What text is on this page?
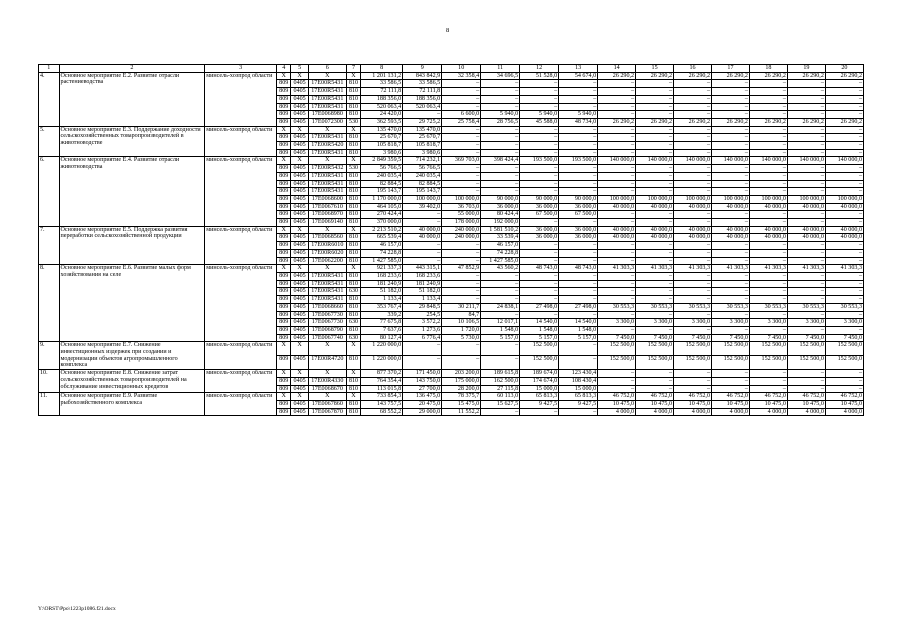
8
1	2	3	4	5	6	7	8	9	10	11	12	13	14	15	16	17	18	19	20
4.	Основное мероприятие Е.2. Развитие отрасли растениеводства	минсель-хозпрод области	X	X	X	X	1 201 131,2	843 842,9	32 358,4	34 696,5	51 528,0	54 674,0	26 290,2	26 290,2	26 290,2	26 290,2	26 290,2	26 290,2	26 290,2
			809	0405	17Е00R5431	810	33 586,5	33 586,5	–	–	–	–	–	–	–	–	–	–	–
			809	0405	17Е00R5431	810	72 111,8	72 111,8	–	–	–	–	–	–	–	–	–	–	–
			809	0405	17Е00R5431	810	188 356,0	188 356,0	–	–	–	–	–	–	–	–	–	–	–
			809	0405	17Е00R5431	810	520 063,4	520 063,4	–	–	–	–	–	–	–	–	–	–	–
			809	0405	17Е0068980	810	24 420,0	–	6 600,0	5 940,0	5 940,0	5 940,0	–	–	–	–	–	–	–
			809	0405	17Е0072300	530	362 593,5	29 725,2	25 758,4	28 756,5	45 588,0	48 734,0	26 290,2	26 290,2	26 290,2	26 290,2	26 290,2	26 290,2	26 290,2
5.	Основное мероприятие Е.3. Поддержание доходности сельскохозяйственных товаропроизводителей в животноводстве	минсель-хозпрод области	X	X	X	X	135 470,0	135 470,0	–	–	–	–	–	–	–	–	–	–	–
			809	0405	17Е00R5431	810	25 670,7	25 670,7	–	–	–	–	–	–	–	–	–	–	–
			809	0405	17Е00R5420	810	105 818,7	105 818,7	–	–	–	–	–	–	–	–	–	–	–
			809	0405	17Е00R5431	810	3 980,6	3 980,6	–	–	–	–	–	–	–	–	–	–	–
6.	Основное мероприятие Е.4. Развитие отрасли животноводства	минсель-хозпрод области	X	X	X	X	2 849 359,5	714 232,1	369 703,0	398 424,4	193 500,0	193 500,0	140 000,0	140 000,0	140 000,0	140 000,0	140 000,0	140 000,0	140 000,0
			809	0405	17Е00R5432	530	56 766,5	56 766,5	–	–	–	–	–	–	–	–	–	–	–
			809	0405	17Е00R5431	810	240 035,4	240 035,4	–	–	–	–	–	–	–	–	–	–	–
			809	0405	17Е00R5431	810	82 884,5	82 884,5	–	–	–	–	–	–	–	–	–	–	–
			809	0405	17Е00R5431	810	195 143,7	195 143,7	–	–	–	–	–	–	–	–	–	–	–
			809	0405	17Е0068600	810	1 170 000,0	100 000,0	100 000,0	90 000,0	90 000,0	90 000,0	100 000,0	100 000,0	100 000,0	100 000,0	100 000,0	100 000,0	100 000,0
			809	0405	17Е0067610	810	464 105,0	39 402,0	36 703,0	36 000,0	36 000,0	36 000,0	40 000,0	40 000,0	40 000,0	40 000,0	40 000,0	40 000,0	40 000,0
			809	0405	17Е0068970	810	270 424,4	–	55 000,0	80 424,4	67 500,0	67 500,0	–	–	–	–	–	–	–
			809	0405	17Е0069140	810	370 000,0	–	178 000,0	192 000,0	–	–	–	–	–	–	–	–	–
7.	Основное мероприятие Е.5. Поддержка развития переработки сельскохозяйственной продукции	минсель-хозпрод области	X	X	X	X	2 213 510,2	40 000,0	240 000,0	1 581 510,2	36 000,0	36 000,0	40 000,0	40 000,0	40 000,0	40 000,0	40 000,0	40 000,0	40 000,0
			809	0405	17Е0068560	810	665 539,4	40 000,0	240 000,0	33 539,4	36 000,0	36 000,0	40 000,0	40 000,0	40 000,0	40 000,0	40 000,0	40 000,0	40 000,0
			809	0405	17Е00R6010	810	46 157,0	–	–	46 157,0	–	–	–	–	–	–	–	–	–
			809	0405	17Е00R6020	810	74 228,8	–	–	74 228,8	–	–	–	–	–	–	–	–	–
			809	0405	17Е0062200	810	1 427 585,0	–	–	1 427 585,0	–	–	–	–	–	–	–	–	–
8.	Основное мероприятие Е.6. Развитие малых форм хозяйствования на селе	минсель-хозпрод области	X	X	X	X	921 337,3	443 315,1	47 852,9	43 560,2	48 743,0	48 743,0	41 303,3	41 303,3	41 303,3	41 303,3	41 303,3	41 303,3	41 303,3
			809	0405	17Е00R5431	810	168 233,6	168 233,6	–	–	–	–	–	–	–	–	–	–	–
			809	0405	17Е00R5431	810	181 240,9	181 240,9	–	–	–	–	–	–	–	–	–	–	–
			809	0405	17Е00R5431	630	51 182,0	51 182,0	–	–	–	–	–	–	–	–	–	–	–
			809	0405	17Е00R5431	810	1 133,4	1 133,4	–	–	–	–	–	–	–	–	–	–	–
			809	0405	17Е0068660	810	353 767,4	29 848,5	30 211,7	24 838,1	27 498,0	27 498,0	30 553,3	30 553,3	30 553,3	30 553,3	30 553,3	30 553,3	30 553,3
			809	0405	17Е0067730	810	339,2	254,5	84,7	–	–	–	–	–	–	–	–	–	–
			809	0405	17Е0067730	630	77 675,8	3 572,2	10 106,5	12 017,1	14 540,0	14 540,0	3 300,0	3 300,0	3 300,0	3 300,0	3 300,0	3 300,0	3 300,0
			809	0405	17Е0068790	810	7 637,6	1 273,6	1 720,0	1 548,0	1 548,0	1 548,0	–	–	–	–	–	–	–
			809	0405	17Е0067740	630	80 127,4	6 776,4	5 730,0	5 157,0	5 157,0	5 157,0	7 450,0	7 450,0	7 450,0	7 450,0	7 450,0	7 450,0	7 450,0
9.	Основное мероприятие Е.7. Снижение инвестиционных издержек при создании и модернизации объектов агропромышленного комплекса	минсель-хозпрод области	X	X	X	X	1 220 000,0	–	–	–	152 500,0	–	152 500,0	152 500,0	152 500,0	152 500,0	152 500,0	152 500,0	152 500,0
			809	0405	17Е00R4720	810	1 220 000,0	–	–	–	152 500,0	–	152 500,0	152 500,0	152 500,0	152 500,0	152 500,0	152 500,0	152 500,0
10.	Основное мероприятие Е.8. Снижение затрат сельскохозяйственных товаропроизводителей на обслуживание инвестиционных кредитов	минсель-хозпрод области	X	X	X	X	877 370,2	171 450,0	203 200,0	189 615,8	189 674,0	123 430,4	–	–	–	–	–	–	–
			809	0405	17Е00R4330	810	764 354,4	143 750,0	175 000,0	162 500,0	174 674,0	108 430,4	–	–	–	–	–	–	–
			809	0405	17Е0068670	810	113 015,8	27 700,0	28 200,0	27 115,8	15 000,0	15 000,0	–	–	–	–	–	–	–
11.	Основное мероприятие Е.9. Развитие рыбохозяйственного комплекса	минсель-хозпрод области	X	X	X	X	733 854,3	136 475,0	78 375,7	60 113,0	65 813,3	65 813,3	46 752,0	46 752,0	46 752,0	46 752,0	46 752,0	46 752,0	46 752,0
			809	0405	17Е0067860	810	143 757,5	20 475,0	15 475,0	15 627,5	9 427,5	9 427,5	10 475,0	10 475,0	10 475,0	10 475,0	10 475,0	10 475,0	10 475,0
			809	0405	17Е0067870	810	68 552,2	29 000,0	11 552,2	–	–	–	4 000,0	4 000,0	4 000,0	4 000,0	4 000,0	4 000,0	4 000,0
Y:\ORST\Ppo\1223p1086.f21.docx
